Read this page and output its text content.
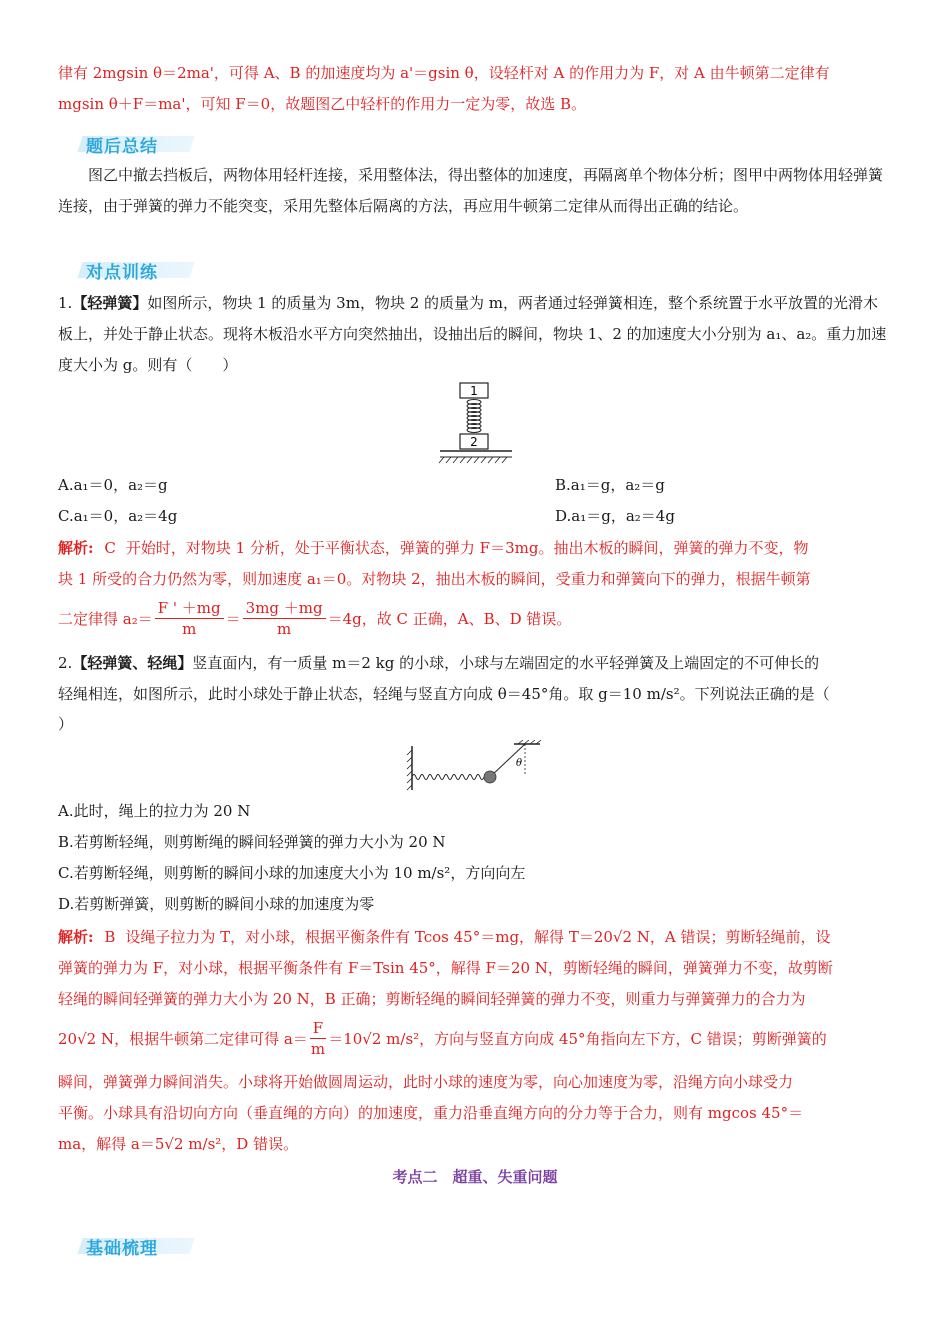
律有 2mgsin θ＝2ma'，可得 A、B 的加速度均为 a'＝gsin θ，设轻杆对 A 的作用力为 F，对 A 由牛顿第二定律有

mgsin θ＋F＝ma'，可知 F＝0，故题图乙中轻杆的作用力一定为零，故选 B。

题后总结

图乙中撤去挡板后，两物体用轻杆连接，采用整体法，得出整体的加速度，再隔离单个物体分析；图甲中两物体用轻弹簧连接，由于弹簧的弹力不能突变，采用先整体后隔离的方法，再应用牛顿第二定律从而得出正确的结论。

对点训练

1.【轻弹簧】如图所示，物块 1 的质量为 3m，物块 2 的质量为 m，两者通过轻弹簧相连，整个系统置于水平放置的光滑木板上，并处于静止状态。现将木板沿水平方向突然抽出，设抽出后的瞬间，物块 1、2 的加速度大小分别为 a₁、a₂。重力加速度大小为 g。则有（　　）

1
2
A.a₁＝0，a₂＝g	B.a₁＝g，a₂＝g
C.a₁＝0，a₂＝4g	D.a₁＝g，a₂＝4g

解析: C 开始时，对物块 1 分析，处于平衡状态，弹簧的弹力 F＝3mg。抽出木板的瞬间，弹簧的弹力不变，物

块 1 所受的合力仍然为零，则加速度 a₁＝0。对物块 2，抽出木板的瞬间，受重力和弹簧向下的弹力，根据牛顿第

二定律得 $a_2= \frac{F ' +mg}{m} = \frac{3mg +mg}{m} =4g$，故 C 正确，A、B、D 错误。

2.【轻弹簧、轻绳】竖直面内，有一质量 m＝2 kg 的小球，小球与左端固定的水平轻弹簧及上端固定的不可伸长的

轻绳相连，如图所示，此时小球处于静止状态，轻绳与竖直方向成 θ＝45°角。取 g＝10 m/s²。下列说法正确的是（

）

θ

A.此时，绳上的拉力为 20 N

B.若剪断轻绳，则剪断绳的瞬间轻弹簧的弹力大小为 20 N

C.若剪断轻绳，则剪断的瞬间小球的加速度大小为 10 m/s²，方向向左

D.若剪断弹簧，则剪断的瞬间小球的加速度为零

解析: B 设绳子拉力为 T，对小球，根据平衡条件有 Tcos 45°＝mg，解得 T＝20√2 N，A 错误；剪断轻绳前，设

弹簧的弹力为 F，对小球，根据平衡条件有 F＝Tsin 45°，解得 F＝20 N，剪断轻绳的瞬间，弹簧弹力不变，故剪断

轻绳的瞬间轻弹簧的弹力大小为 20 N，B 正确；剪断轻绳的瞬间轻弹簧的弹力不变，则重力与弹簧弹力的合力为

20√2 N，根据牛顿第二定律可得 $a= \frac{F}{m} =10√2$ m/s²，方向与竖直方向成 45°角指向左下方，C 错误；剪断弹簧的

瞬间，弹簧弹力瞬间消失。小球将开始做圆周运动，此时小球的速度为零，向心加速度为零，沿绳方向小球受力

平衡。小球具有沿切向方向（垂直绳的方向）的加速度，重力沿垂直绳方向的分力等于合力，则有 mgcos 45°＝

ma，解得 a＝5√2 m/s²，D 错误。

考点二　超重、失重问题
基础梳理
